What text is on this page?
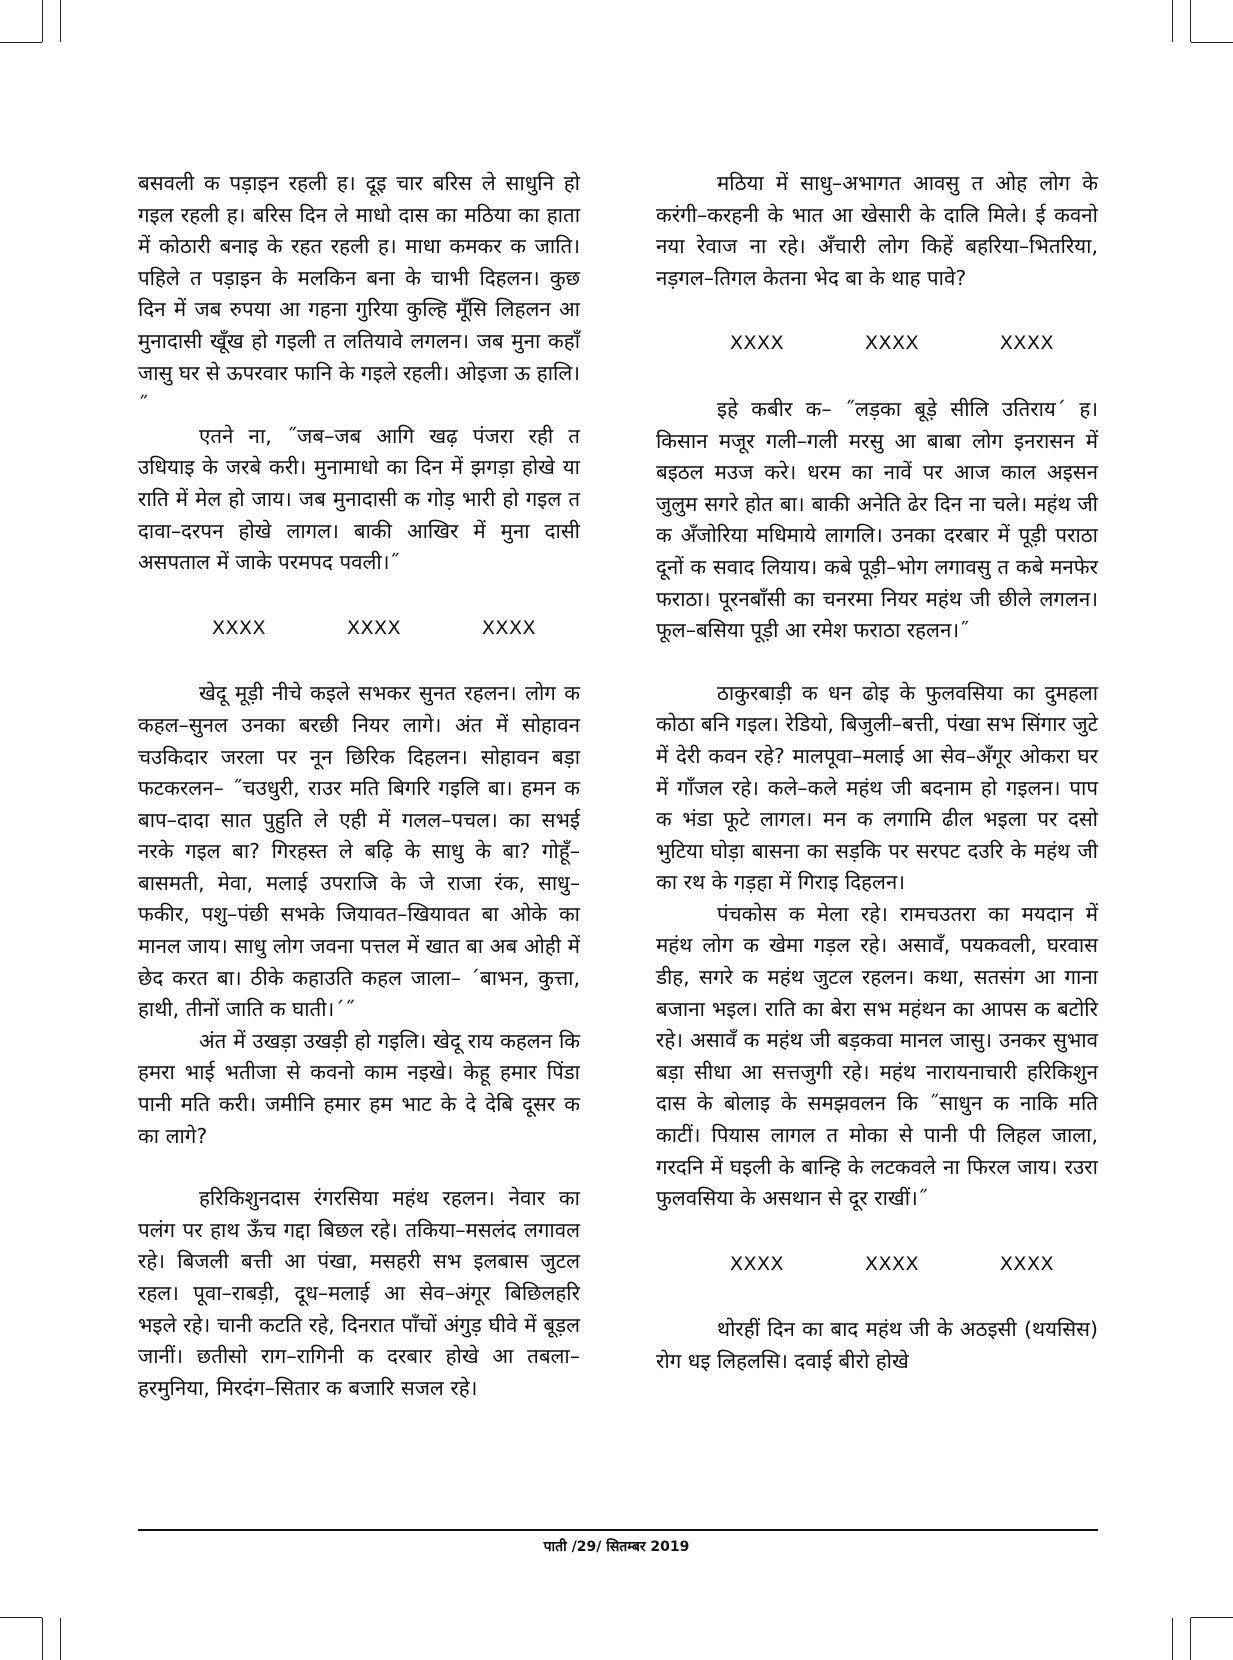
बसवली क पड़ाइन रहली ह। दूइ चार बरिस ले साधुनि हो गइल रहली ह। बरिस दिन ले माधो दास का मठिया का हाता में कोठारी बनाइ के रहत रहली ह। माधा कमकर क जाति। पहिले त पड़ाइन के मलकिन बना के चाभी दिहलन। कुछ दिन में जब रुपया आ गहना गुरिया कुल्हि मूँसि लिहलन आ मुनादासी खूँख हो गइली त लतियावे लगलन। जब मुना कहाँ जासु घर से ऊपरवार फानि के गइले रहली। ओइजा ऊ हालि।˝

एतने ना, ˝जब–जब आगि खढ़ पंजरा रही त उधियाइ के जरबे करी। मुनामाधो का दिन में झगड़ा होखे या राति में मेल हो जाय। जब मुनादासी क गोड़ भारी हो गइल त दावा–दरपन होखे लागल। बाकी आखिर में मुना दासी असपताल में जाके परमपद पवली।˝

XXXX	XXXX	XXXX

खेदू मूड़ी नीचे कइले सभकर सुनत रहलन। लोग क कहल–सुनल उनका बरछी नियर लागे। अंत में सोहावन चउकिदार जरला पर नून छिरिक दिहलन। सोहावन बड़ा फटकरलन– ˝चउधुरी, राउर मति बिगरि गइलि बा। हमन क बाप–दादा सात पुहुति ले एही में गलल–पचल। का सभई नरके गइल बा? गिरहस्त ले बढ़ि के साधु के बा? गोहूँ–बासमती, मेवा, मलाई उपराजि के जे राजा रंक, साधु–फकीर, पशु–पंछी सभके जियावत–खियावत बा ओके का मानल जाय। साधु लोग जवना पत्तल में खात बा अब ओही में छेद करत बा। ठीके कहाउति कहल जाला– ´बाभन, कुत्ता, हाथी, तीनों जाति क घाती।´˝

अंत में उखड़ा उखड़ी हो गइलि। खेदू राय कहलन कि हमरा भाई भतीजा से कवनो काम नइखे। केहू हमार पिंडा पानी मति करी। जमीनि हमार हम भाट के दे देबि दूसर क का लागे?

हरिकिशुनदास रंगरसिया महंथ रहलन। नेवार का पलंग पर हाथ ऊँच गद्दा बिछल रहे। तकिया–मसलंद लगावल रहे। बिजली बत्ती आ पंखा, मसहरी सभ इलबास जुटल रहल। पूवा–राबड़ी, दूध–मलाई आ सेव–अंगूर बिछिलहरि भइले रहे। चानी कटति रहे, दिनरात पाँचों अंगुड़ घीवे में बूड़ल जानीं। छतीसो राग–रागिनी क दरबार होखे आ तबला–हरमुनिया, मिरदंग–सितार क बजारि सजल रहे।

मठिया में साधु–अभागत आवसु त ओह लोग के करंगी–करहनी के भात आ खेसारी के दालि मिले। ई कवनो नया रेवाज ना रहे। अँचारी लोग किहें बहरिया–भितरिया, नड़गल–तिगल केतना भेद बा के थाह पावे?

XXXX	XXXX	XXXX

इहे कबीर क– ˝लड़का बूड़े सीलि उतिराय´ ह। किसान मजूर गली–गली मरसु आ बाबा लोग इनरासन में बइठल मउज करे। धरम का नावें पर आज काल अइसन जुलुम सगरे होत बा। बाकी अनेति ढेर दिन ना चले। महंथ जी क अँजोरिया मधिमाये लागलि। उनका दरबार में पूड़ी पराठा दूनों क सवाद लियाय। कबे पूड़ी–भोग लगावसु त कबे मनफेर फराठा। पूरनबाँसी का चनरमा नियर महंथ जी छीले लगलन। फूल–बसिया पूड़ी आ रमेश फराठा रहलन।˝

ठाकुरबाड़ी क धन ढोइ के फुलवसिया का दुमहला कोठा बनि गइल। रेडियो, बिजुली–बत्ती, पंखा सभ सिंगार जुटे में देरी कवन रहे? मालपूवा–मलाई आ सेव–अँगूर ओकरा घर में गाँजल रहे। कले–कले महंथ जी बदनाम हो गइलन। पाप क भंडा फूटे लागल। मन क लगामि ढील भइला पर दसो भुटिया घोड़ा बासना का सड़कि पर सरपट दउरि के महंथ जी का रथ के गड़हा में गिराइ दिहलन।

पंचकोस क मेला रहे। रामचउतरा का मयदान में महंथ लोग क खेमा गड़ल रहे। असावँ, पयकवली, घरवास डीह, सगरे क महंथ जुटल रहलन। कथा, सतसंग आ गाना बजाना भइल। राति का बेरा सभ महंथन का आपस क बटोरि रहे। असावँ क महंथ जी बड़कवा मानल जासु। उनकर सुभाव बड़ा सीधा आ सत्तजुगी रहे। महंथ नारायनाचारी हरिकिशुन दास के बोलाइ के समझवलन कि ˝साधुन क नाकि मति काटीं। पियास लागल त मोका से पानी पी लिहल जाला, गरदनि में घइली के बान्हि के लटकवले ना फिरल जाय। रउरा फुलवसिया के असथान से दूर राखीं।˝

XXXX	XXXX	XXXX

थोरहीं दिन का बाद महंथ जी के अठइसी (थयसिस) रोग धइ लिहलसि। दवाई बीरो होखे

पाती /29/ सितम्बर 2019
